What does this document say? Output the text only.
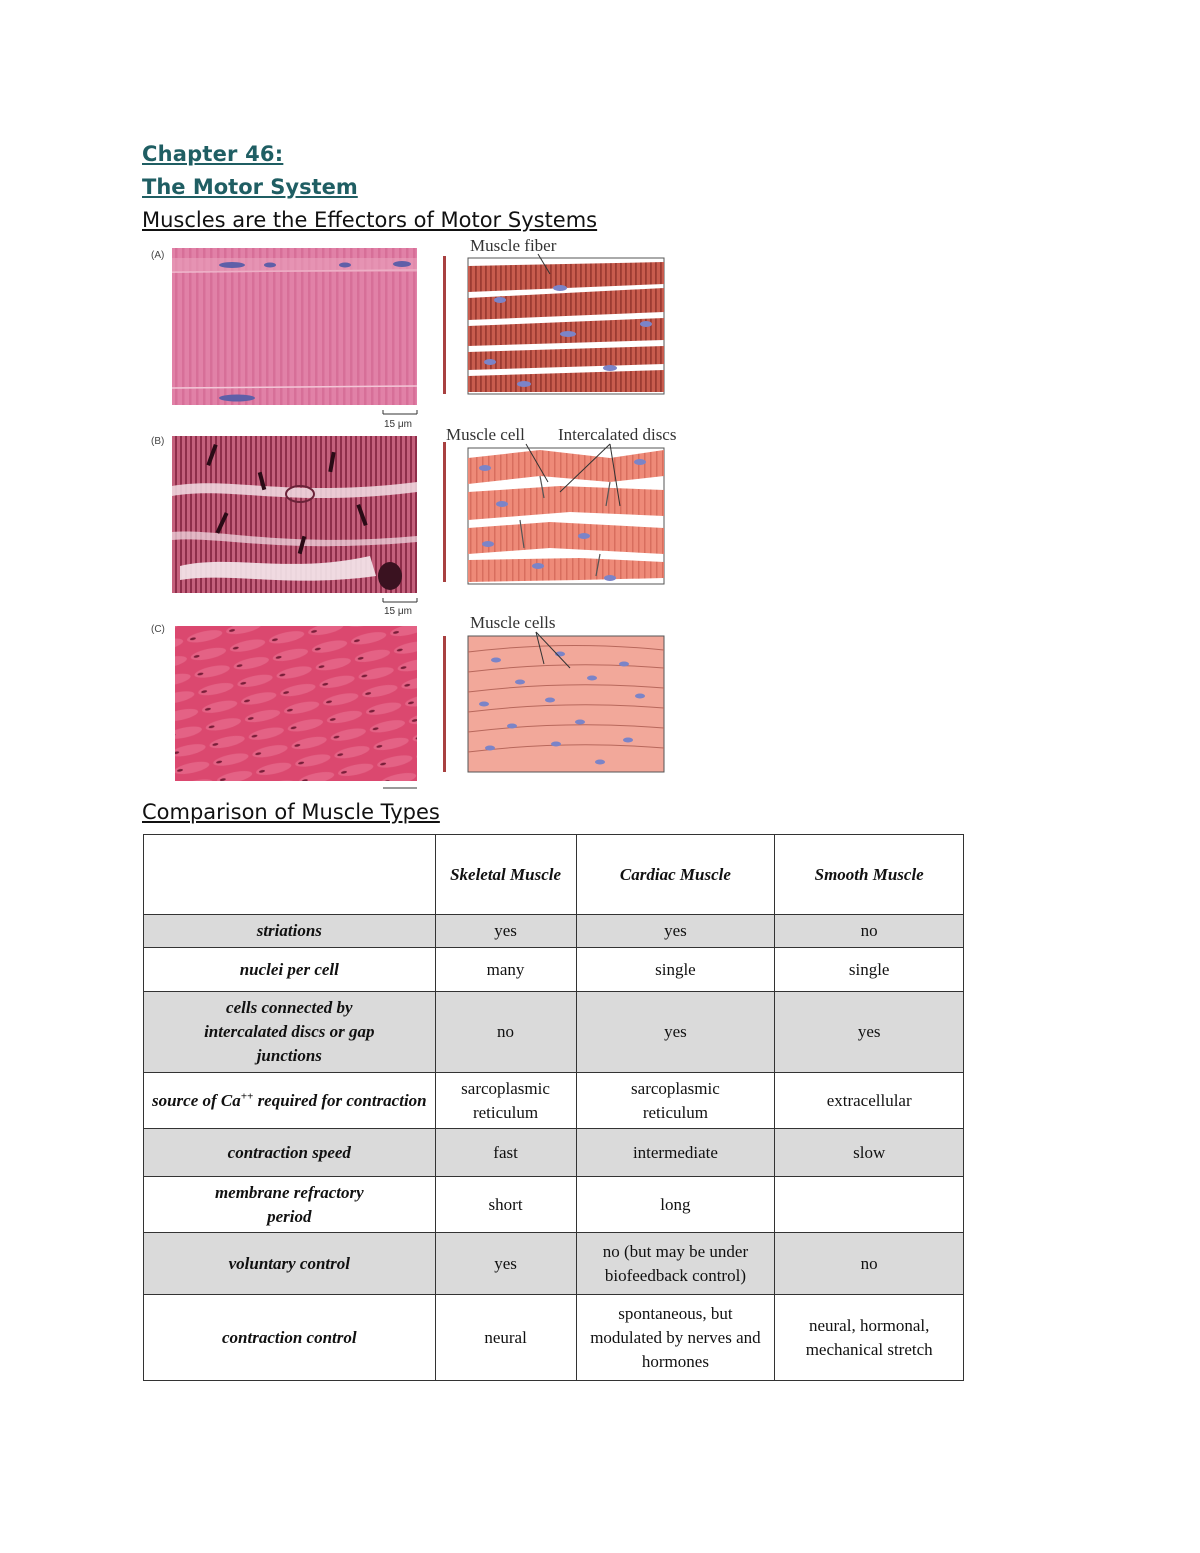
Chapter 46:
The Motor System
Muscles are the Effectors of Motor Systems
(A)
15 μm
Muscle fiber
(B)
15 μm
Muscle cell Intercalated discs
(C)	Muscle cells
Comparison of Muscle Types
	Skeletal Muscle	Cardiac Muscle	Smooth Muscle
striations	yes	yes	no
nuclei per cell	many	single	single
cells connected by intercalated discs or gap junctions	no	yes	yes
source of Ca++ required for contraction	sarcoplasmic reticulum	sarcoplasmic reticulum	extracellular
contraction speed	fast	intermediate	slow
membrane refractory period	short	long	
voluntary control	yes	no (but may be under biofeedback control)	no
contraction control	neural	spontaneous, but modulated by nerves and hormones	neural, hormonal, mechanical stretch
